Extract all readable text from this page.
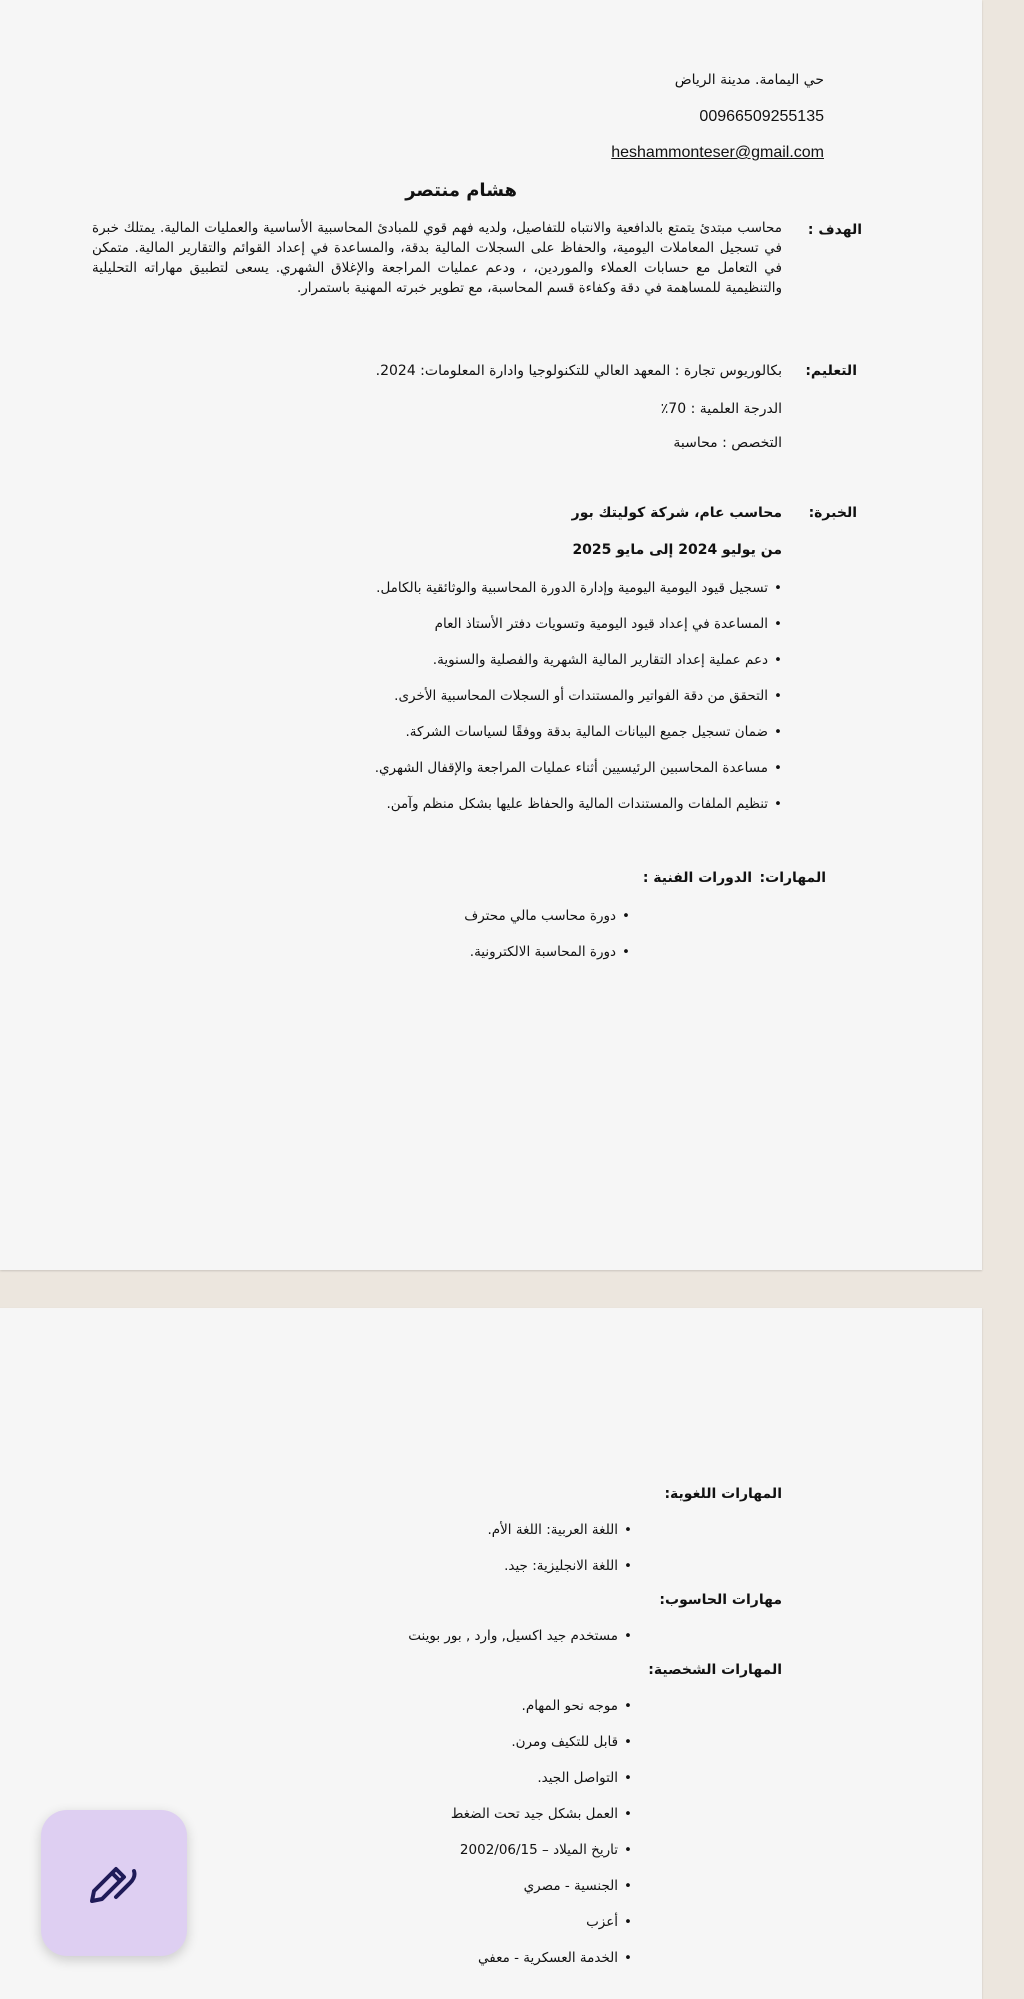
حي اليمامة. مدينة الرياض
00966509255135
heshammonteser@gmail.com
هشام منتصر
الهدف :
محاسب مبتدئ يتمتع بالدافعية والانتباه للتفاصيل، ولديه فهم قوي للمبادئ المحاسبية الأساسية والعمليات المالية. يمتلك خبرة في تسجيل المعاملات اليومية، والحفاظ على السجلات المالية بدقة، والمساعدة في إعداد القوائم والتقارير المالية. متمكن في التعامل مع حسابات العملاء والموردين، ، ودعم عمليات المراجعة والإغلاق الشهري. يسعى لتطبيق مهاراته التحليلية والتنظيمية للمساهمة في دقة وكفاءة قسم المحاسبة، مع تطوير خبرته المهنية باستمرار.
التعليم:
بكالوريوس تجارة : المعهد العالي للتكنولوجيا وادارة المعلومات: 2024.
الدرجة العلمية : 70٪
التخصص : محاسبة
الخبرة:
محاسب عام، شركة كوليتك بور
من يوليو 2024 إلى مايو 2025
• تسجيل قيود اليومية اليومية وإدارة الدورة المحاسبية والوثائقية بالكامل.
• المساعدة في إعداد قيود اليومية وتسويات دفتر الأستاذ العام
• دعم عملية إعداد التقارير المالية الشهرية والفصلية والسنوية.
• التحقق من دقة الفواتير والمستندات أو السجلات المحاسبية الأخرى.
• ضمان تسجيل جميع البيانات المالية بدقة ووفقًا لسياسات الشركة.
• مساعدة المحاسبين الرئيسيين أثناء عمليات المراجعة والإقفال الشهري.
• تنظيم الملفات والمستندات المالية والحفاظ عليها بشكل منظم وآمن.
المهارات:
الدورات الفنية :
• دورة محاسب مالي محترف
• دورة المحاسبة الالكترونية.
المهارات اللغوية:
• اللغة العربية: اللغة الأم.
• اللغة الانجليزية: جيد.
مهارات الحاسوب:
• مستخدم جيد اكسيل, وارد , بور بوينت
المهارات الشخصية:
• موجه نحو المهام.
• قابل للتكيف ومرن.
• التواصل الجيد.
• العمل بشكل جيد تحت الضغط
• تاريخ الميلاد – 2002/06/15
• الجنسية - مصري
• أعزب
• الخدمة العسكرية - معفي
